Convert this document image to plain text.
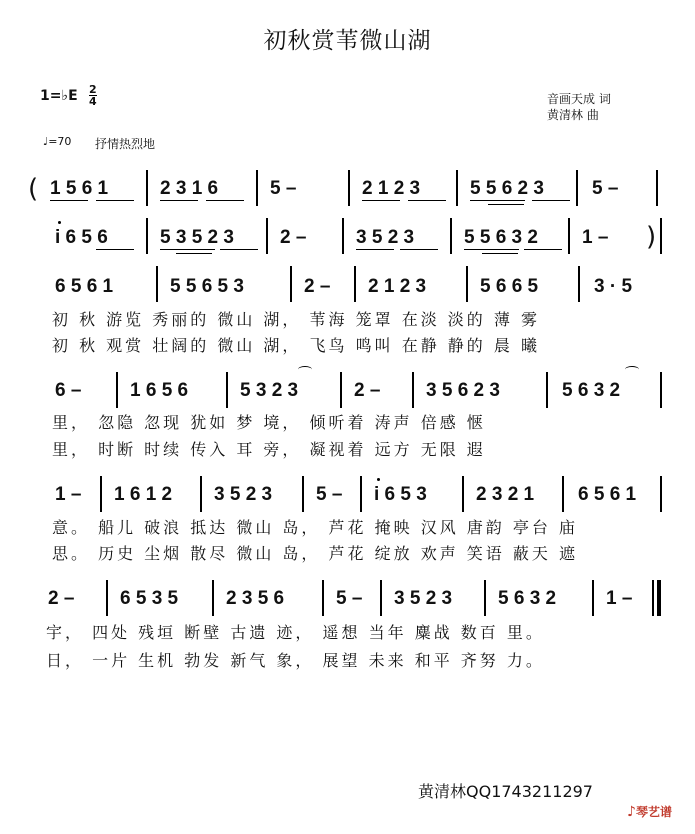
初秋赏苇微山湖
1=♭E 2
4	音画天成 词
黄清林 曲
♩=70 抒情热烈地
( 1 5 6 1	2 3 1 6	5 –	2 1 2 3	5 5 6 2 3	5 –
i 6 5 6	5 3 5 2 3 2 –	3 5 2 3	5 5 6 3 2 1 – )
6 5 6 1	5 5 6 5 3	2 – 2 1 2 3	5 6 6 5	3 · 5
初 秋 游览 秀丽的 微山 湖， 苇海 笼罩 在淡 淡的 薄 雾
初 秋 观赏 壮阔的 微山 湖， 飞鸟 鸣叫 在静 静的 晨 曦
6 –	1 6 5 6	5 3 2 3	2 – 3 5 6 2 3	5 6 3 2
里， 忽隐 忽现 犹如 梦 境， 倾听着 涛声 倍感 惬
里， 时断 时续 传入 耳 旁， 凝视着 远方 无限 遐
1 – 1 6 1 2 3 5 2 3 5 – i 6 5 3	2 3 2 1 6 5 6 1
意。 船儿 破浪 抵达 微山 岛， 芦花 掩映 汉风 唐韵 亭台 庙
思。 历史 尘烟 散尽 微山 岛， 芦花 绽放 欢声 笑语 蔽天 遮
2 – 6 5 3 5	2 3 5 6	5 – 3 5 2 3 5 6 3 2	1 –
宇， 四处 残垣 断壁 古遗 迹， 遥想 当年 麋战 数百 里。
日， 一片 生机 勃发 新气 象， 展望 未来 和平 齐努 力。
黄清林QQ1743211297
♪琴艺谱
